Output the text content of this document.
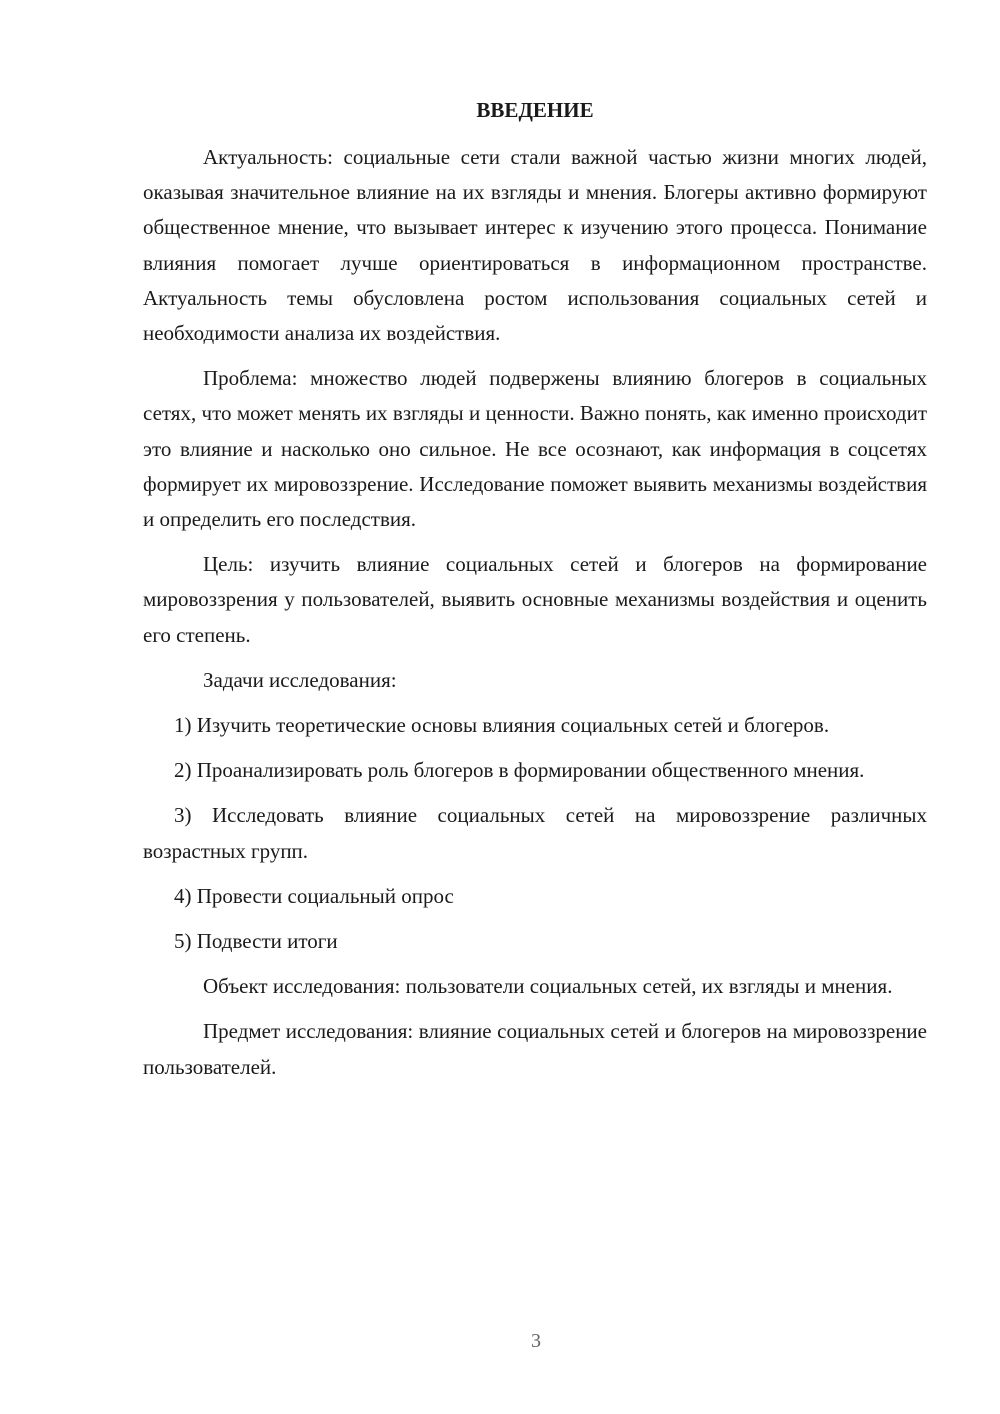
ВВЕДЕНИЕ

Актуальность: социальные сети стали важной частью жизни многих людей, оказывая значительное влияние на их взгляды и мнения. Блогеры активно формируют общественное мнение, что вызывает интерес к изучению этого процесса. Понимание влияния помогает лучше ориентироваться в информационном пространстве. Актуальность темы обусловлена ростом использования социальных сетей и необходимости анализа их воздействия.

Проблема: множество людей подвержены влиянию блогеров в социальных сетях, что может менять их взгляды и ценности. Важно понять, как именно происходит это влияние и насколько оно сильное. Не все осознают, как информация в соцсетях формирует их мировоззрение. Исследование поможет выявить механизмы воздействия и определить его последствия.

Цель: изучить влияние социальных сетей и блогеров на формирование мировоззрения у пользователей, выявить основные механизмы воздействия и оценить его степень.

Задачи исследования:

1) Изучить теоретические основы влияния социальных сетей и блогеров.

2) Проанализировать роль блогеров в формировании общественного мнения.

3) Исследовать влияние социальных сетей на мировоззрение различных возрастных групп.

4) Провести социальный опрос

5) Подвести итоги

Объект исследования: пользователи социальных сетей, их взгляды и мнения.

Предмет исследования: влияние социальных сетей и блогеров на мировоззрение пользователей.

3
